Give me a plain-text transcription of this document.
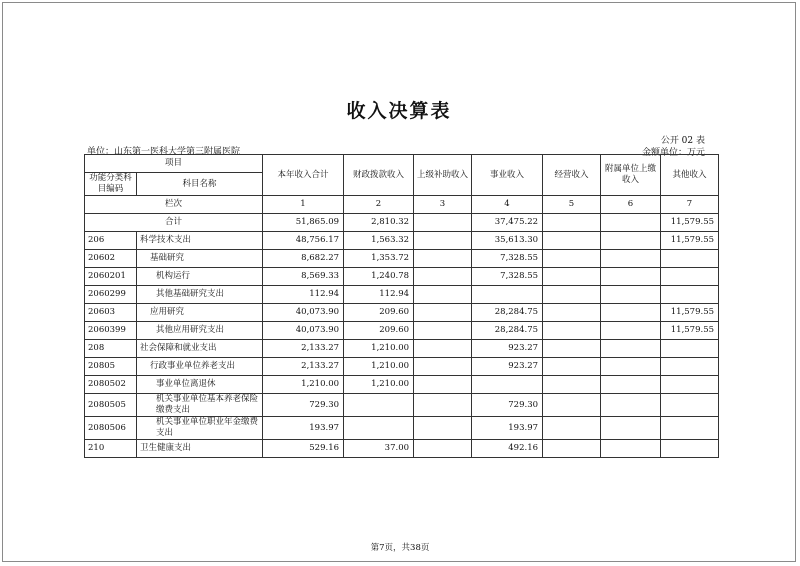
收入决算表
单位：山东第一医科大学第三附属医院
公开 02 表
金额单位：万元
项目		本年收入合计	财政拨款收入	上级补助收入	事业收入	经营收入	附属单位上缴收入	其他收入
功能分类科目编码	科目名称							
栏次		1	2	3	4	5	6	7
合计		51,865.09	2,810.32		37,475.22			11,579.55
206	科学技术支出	48,756.17	1,563.32		35,613.30			11,579.55
20602	基础研究	8,682.27	1,353.72		7,328.55			
2060201	机构运行	8,569.33	1,240.78		7,328.55			
2060299	其他基础研究支出	112.94	112.94					
20603	应用研究	40,073.90	209.60		28,284.75			11,579.55
2060399	其他应用研究支出	40,073.90	209.60		28,284.75			11,579.55
208	社会保障和就业支出	2,133.27	1,210.00		923.27			
20805	行政事业单位养老支出	2,133.27	1,210.00		923.27			
2080502	事业单位离退休	1,210.00	1,210.00					
2080505	机关事业单位基本养老保险缴费支出	729.30			729.30			
2080506	机关事业单位职业年金缴费支出	193.97			193.97			
210	卫生健康支出	529.16	37.00		492.16			
第7页，共38页
